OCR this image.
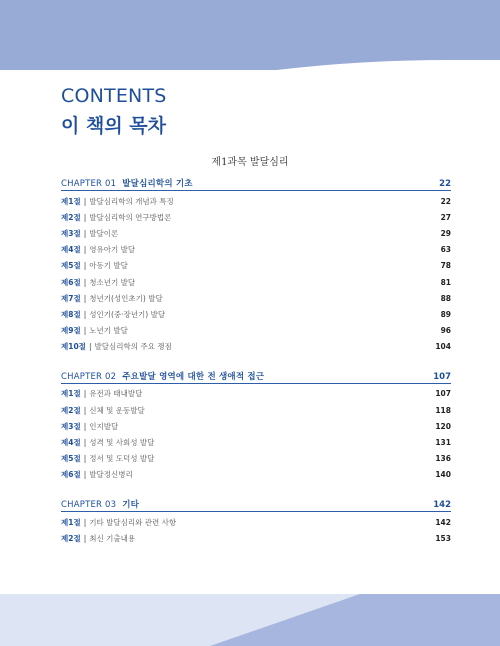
CONTENTS
이 책의 목차
제1과목 발달심리
CHAPTER 01 발달심리학의 기초	22
제1절 | 발달심리학의 개념과 특징	22
제2절 | 발달심리학의 연구방법론	27
제3절 | 발달이론	29
제4절 | 영유아기 발달	63
제5절 | 아동기 발달	78
제6절 | 청소년기 발달	81
제7절 | 청년기(성인초기) 발달	88
제8절 | 성인기(중·장년기) 발달	89
제9절 | 노년기 발달	96
제10절 | 발달심리학의 주요 쟁점	104
CHAPTER 02 주요발달 영역에 대한 전 생애적 접근	107
제1절 | 유전과 태내발달	107
제2절 | 신체 및 운동발달	118
제3절 | 인지발달	120
제4절 | 성격 및 사회성 발달	131
제5절 | 정서 및 도덕성 발달	136
제6절 | 발달정신병리	140
CHAPTER 03 기타	142
제1절 | 기타 발달심리와 관련 사항	142
제2절 | 최신 기출내용	153
